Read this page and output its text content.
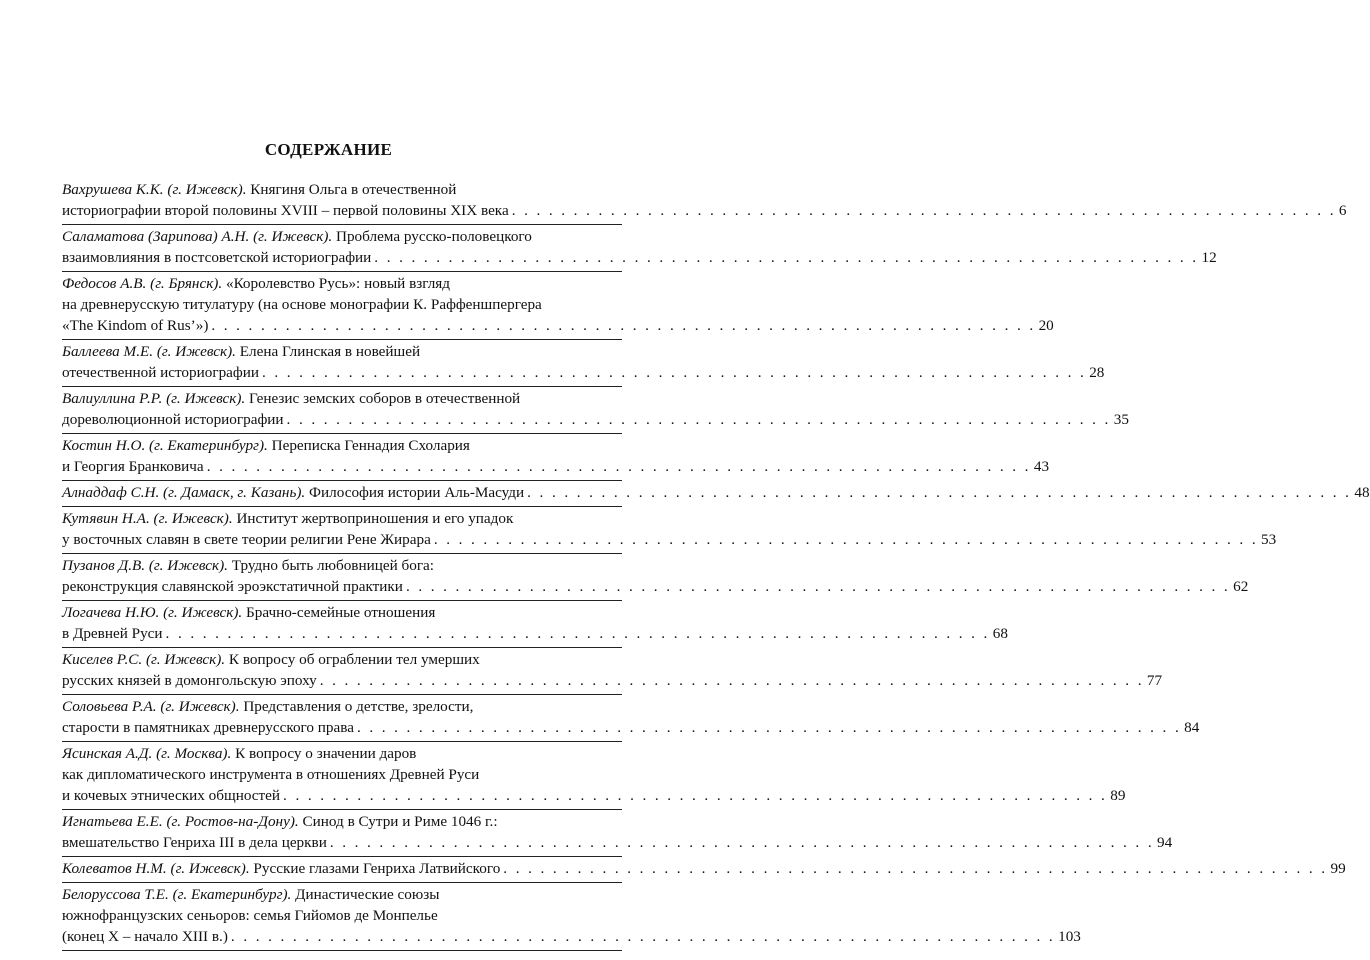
СОДЕРЖАНИЕ
Вахрушева К.К. (г. Ижевск). Княгиня Ольга в отечественной
историографии второй половины XVIII – первой половины XIX века . . . . . . . . . . . . . . . . . . . . . . . . . . . . . . . . . . . . . . . . . . . . . . . . . . . . . . . . . . . . . . . . . . . 6
Саламатова (Зарипова) А.Н. (г. Ижевск). Проблема русско-половецкого
взаимовлияния в постсоветской историографии . . . . . . . . . . . . . . . . . . . . . . . . . . . . . . . . . . . . . . . . . . . . . . . . . . . . . . . . . . . . . . . . . . . 12
Федосов А.В. (г. Брянск). «Королевство Русь»: новый взгляд
на древнерусскую титулатуру (на основе монографии К. Раффеншпергера
«The Kindom of Rus’») . . . . . . . . . . . . . . . . . . . . . . . . . . . . . . . . . . . . . . . . . . . . . . . . . . . . . . . . . . . . . . . . . . . 20
Баллеева М.Е. (г. Ижевск). Елена Глинская в новейшей
отечественной историографии . . . . . . . . . . . . . . . . . . . . . . . . . . . . . . . . . . . . . . . . . . . . . . . . . . . . . . . . . . . . . . . . . . . 28
Валиуллина Р.Р. (г. Ижевск). Генезис земских соборов в отечественной
дореволюционной историографии . . . . . . . . . . . . . . . . . . . . . . . . . . . . . . . . . . . . . . . . . . . . . . . . . . . . . . . . . . . . . . . . . . . 35
Костин Н.О. (г. Екатеринбург). Переписка Геннадия Схолария
и Георгия Бранковича . . . . . . . . . . . . . . . . . . . . . . . . . . . . . . . . . . . . . . . . . . . . . . . . . . . . . . . . . . . . . . . . . . . 43
Алнаддаф С.Н. (г. Дамаск, г. Казань). Философия истории Аль-Масуди . . . . . . . . . . . . . . . . . . . . . . . . . . . . . . . . . . . . . . . . . . . . . . . . . . . . . . . . . . . . . . . . . . . 48
Кутявин Н.А. (г. Ижевск). Институт жертвоприношения и его упадок
у восточных славян в свете теории религии Рене Жирара . . . . . . . . . . . . . . . . . . . . . . . . . . . . . . . . . . . . . . . . . . . . . . . . . . . . . . . . . . . . . . . . . . . 53
Пузанов Д.В. (г. Ижевск). Трудно быть любовницей бога:
реконструкция славянской эроэкстатичной практики . . . . . . . . . . . . . . . . . . . . . . . . . . . . . . . . . . . . . . . . . . . . . . . . . . . . . . . . . . . . . . . . . . . 62
Логачева Н.Ю. (г. Ижевск). Брачно-семейные отношения
в Древней Руси . . . . . . . . . . . . . . . . . . . . . . . . . . . . . . . . . . . . . . . . . . . . . . . . . . . . . . . . . . . . . . . . . . . 68
Киселев Р.С. (г. Ижевск). К вопросу об ограблении тел умерших
русских князей в домонгольскую эпоху . . . . . . . . . . . . . . . . . . . . . . . . . . . . . . . . . . . . . . . . . . . . . . . . . . . . . . . . . . . . . . . . . . . 77
Соловьева Р.А. (г. Ижевск). Представления о детстве, зрелости,
старости в памятниках древнерусского права . . . . . . . . . . . . . . . . . . . . . . . . . . . . . . . . . . . . . . . . . . . . . . . . . . . . . . . . . . . . . . . . . . . 84
Ясинская А.Д. (г. Москва). К вопросу о значении даров
как дипломатического инструмента в отношениях Древней Руси
и кочевых этнических общностей . . . . . . . . . . . . . . . . . . . . . . . . . . . . . . . . . . . . . . . . . . . . . . . . . . . . . . . . . . . . . . . . . . . 89
Игнатьева Е.Е. (г. Ростов-на-Дону). Синод в Сутри и Риме 1046 г.:
вмешательство Генриха III в дела церкви . . . . . . . . . . . . . . . . . . . . . . . . . . . . . . . . . . . . . . . . . . . . . . . . . . . . . . . . . . . . . . . . . . . 94
Колеватов Н.М. (г. Ижевск). Русские глазами Генриха Латвийского . . . . . . . . . . . . . . . . . . . . . . . . . . . . . . . . . . . . . . . . . . . . . . . . . . . . . . . . . . . . . . . . . . . 99
Белоруссова Т.Е. (г. Екатеринбург). Династические союзы
южнофранцузских сеньоров: семья Гийомов де Монпелье
(конец X – начало XIII в.) . . . . . . . . . . . . . . . . . . . . . . . . . . . . . . . . . . . . . . . . . . . . . . . . . . . . . . . . . . . . . . . . . . . 103
